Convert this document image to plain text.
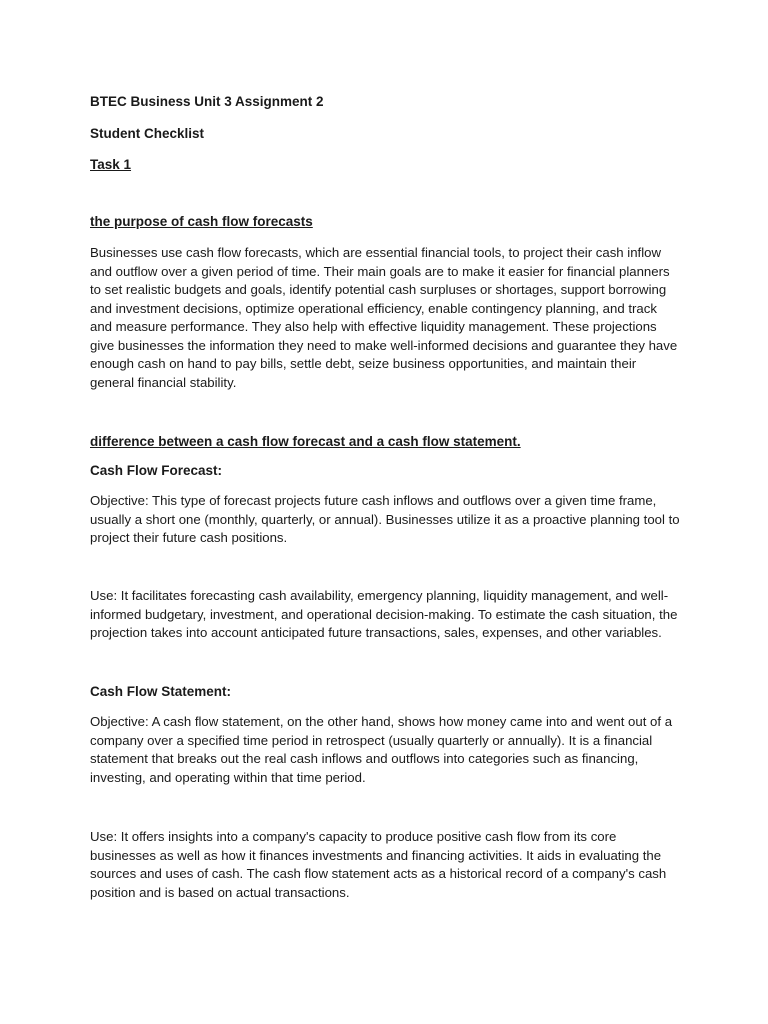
BTEC Business Unit 3 Assignment 2
Student Checklist
Task 1
the purpose of cash flow forecasts
Businesses use cash flow forecasts, which are essential financial tools, to project their cash inflow and outflow over a given period of time. Their main goals are to make it easier for financial planners to set realistic budgets and goals, identify potential cash surpluses or shortages, support borrowing and investment decisions, optimize operational efficiency, enable contingency planning, and track and measure performance. They also help with effective liquidity management. These projections give businesses the information they need to make well-informed decisions and guarantee they have enough cash on hand to pay bills, settle debt, seize business opportunities, and maintain their general financial stability.
difference between a cash flow forecast and a cash flow statement.
Cash Flow Forecast:
Objective: This type of forecast projects future cash inflows and outflows over a given time frame, usually a short one (monthly, quarterly, or annual). Businesses utilize it as a proactive planning tool to project their future cash positions.
Use: It facilitates forecasting cash availability, emergency planning, liquidity management, and well-informed budgetary, investment, and operational decision-making. To estimate the cash situation, the projection takes into account anticipated future transactions, sales, expenses, and other variables.
Cash Flow Statement:
Objective: A cash flow statement, on the other hand, shows how money came into and went out of a company over a specified time period in retrospect (usually quarterly or annually). It is a financial statement that breaks out the real cash inflows and outflows into categories such as financing, investing, and operating within that time period.
Use: It offers insights into a company's capacity to produce positive cash flow from its core businesses as well as how it finances investments and financing activities. It aids in evaluating the sources and uses of cash. The cash flow statement acts as a historical record of a company's cash position and is based on actual transactions.
